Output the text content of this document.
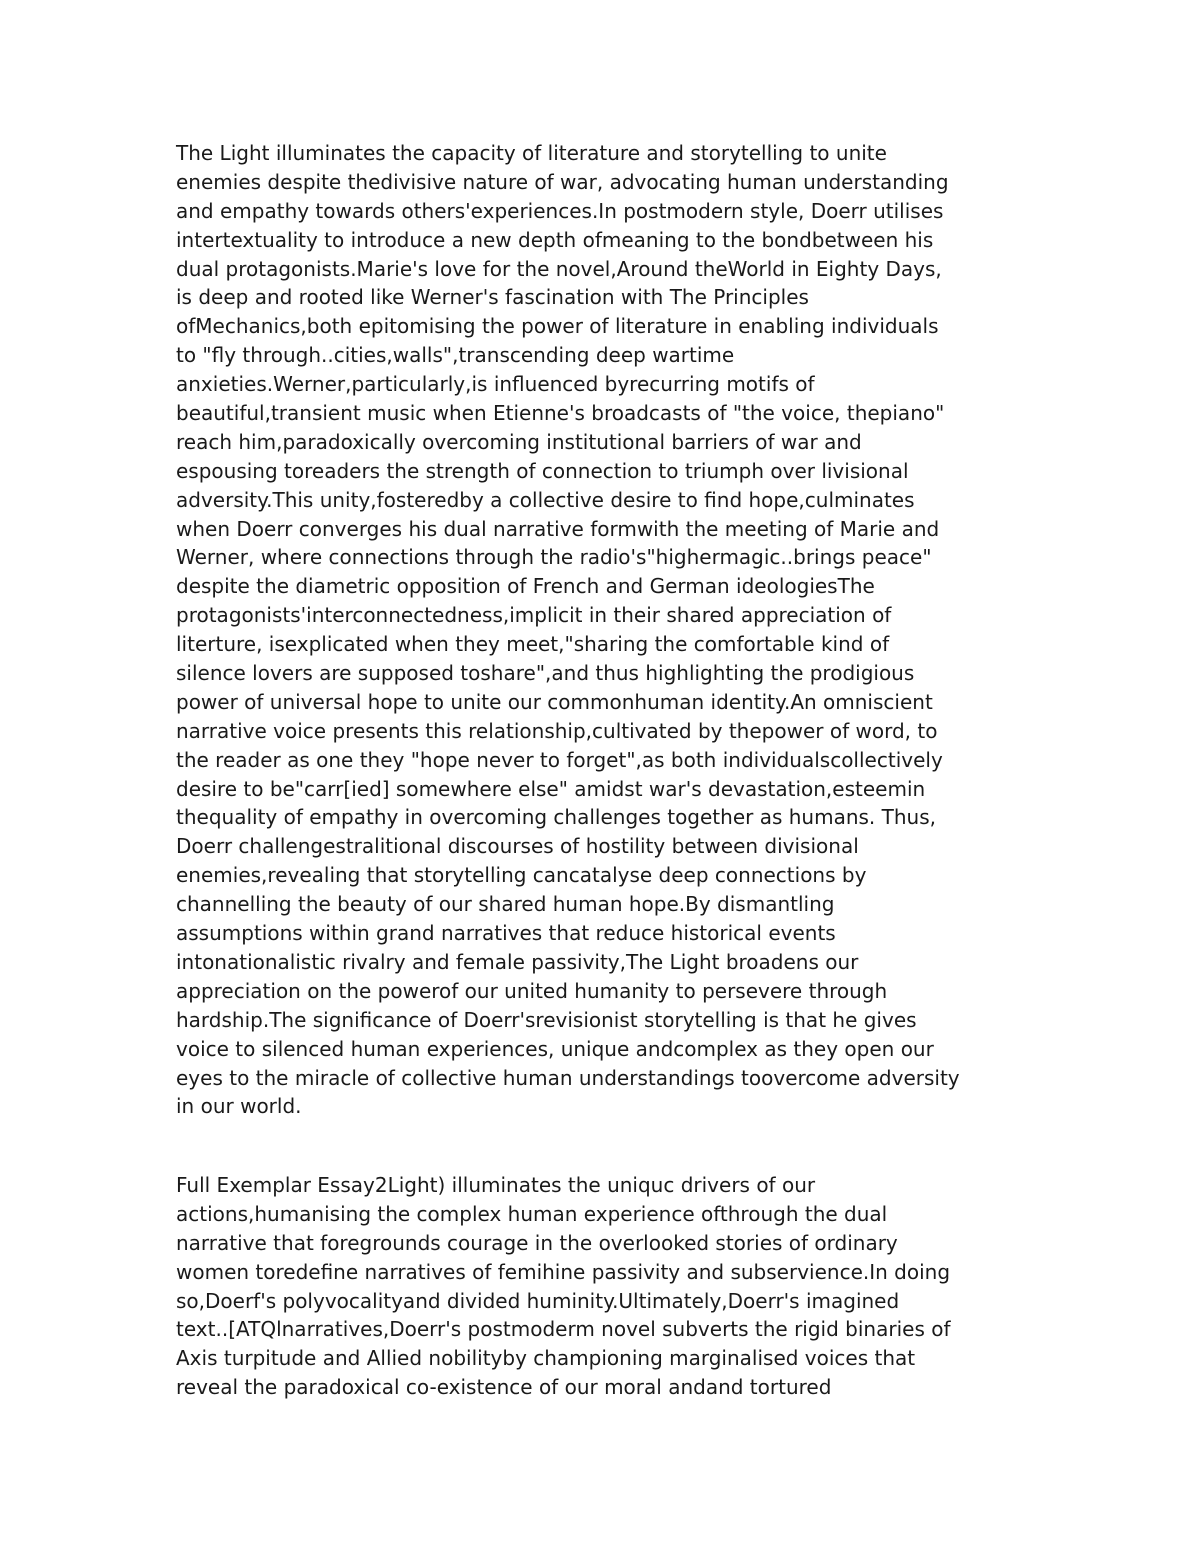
The Light illuminates the capacity of literature and storytelling to unite
enemies despite thedivisive nature of war, advocating human understanding
and empathy towards others'experiences.In postmodern style, Doerr utilises
intertextuality to introduce a new depth ofmeaning to the bondbetween his
dual protagonists.Marie's love for the novel,Around theWorld in Eighty Days,
is deep and rooted like Werner's fascination with The Principles
ofMechanics,both epitomising the power of literature in enabling individuals
to "fly through..cities,walls",transcending deep wartime
anxieties.Werner,particularly,is influenced byrecurring motifs of
beautiful,transient music when Etienne's broadcasts of "the voice, thepiano"
reach him,paradoxically overcoming institutional barriers of war and
espousing toreaders the strength of connection to triumph over livisional
adversity.This unity,fosteredby a collective desire to find hope,culminates
when Doerr converges his dual narrative formwith the meeting of Marie and
Werner, where connections through the radio's"highermagic..brings peace"
despite the diametric opposition of French and German ideologiesThe
protagonists'interconnectedness,implicit in their shared appreciation of
literture, isexplicated when they meet,"sharing the comfortable kind of
silence lovers are supposed toshare",and thus highlighting the prodigious
power of universal hope to unite our commonhuman identity.An omniscient
narrative voice presents this relationship,cultivated by thepower of word, to
the reader as one they "hope never to forget",as both individualscollectively
desire to be"carr[ied] somewhere else" amidst war's devastation,esteemin
thequality of empathy in overcoming challenges together as humans. Thus,
Doerr challengestralitional discourses of hostility between divisional
enemies,revealing that storytelling cancatalyse deep connections by
channelling the beauty of our shared human hope.By dismantling
assumptions within grand narratives that reduce historical events
intonationalistic rivalry and female passivity,The Light broadens our
appreciation on the powerof our united humanity to persevere through
hardship.The significance of Doerr'srevisionist storytelling is that he gives
voice to silenced human experiences, unique andcomplex as they open our
eyes to the miracle of collective human understandings toovercome adversity
in our world.
Full Exemplar Essay2Light) illuminates the uniquc drivers of our
actions,humanising the complex human experience ofthrough the dual
narrative that foregrounds courage in the overlooked stories of ordinary
women toredefine narratives of femihine passivity and subservience.In doing
so,Doerf's polyvocalityand divided huminity.Ultimately,Doerr's imagined
text..[ATQlnarratives,Doerr's postmoderm novel subverts the rigid binaries of
Axis turpitude and Allied nobilityby championing marginalised voices that
reveal the paradoxical co-existence of our moral andand tortured
